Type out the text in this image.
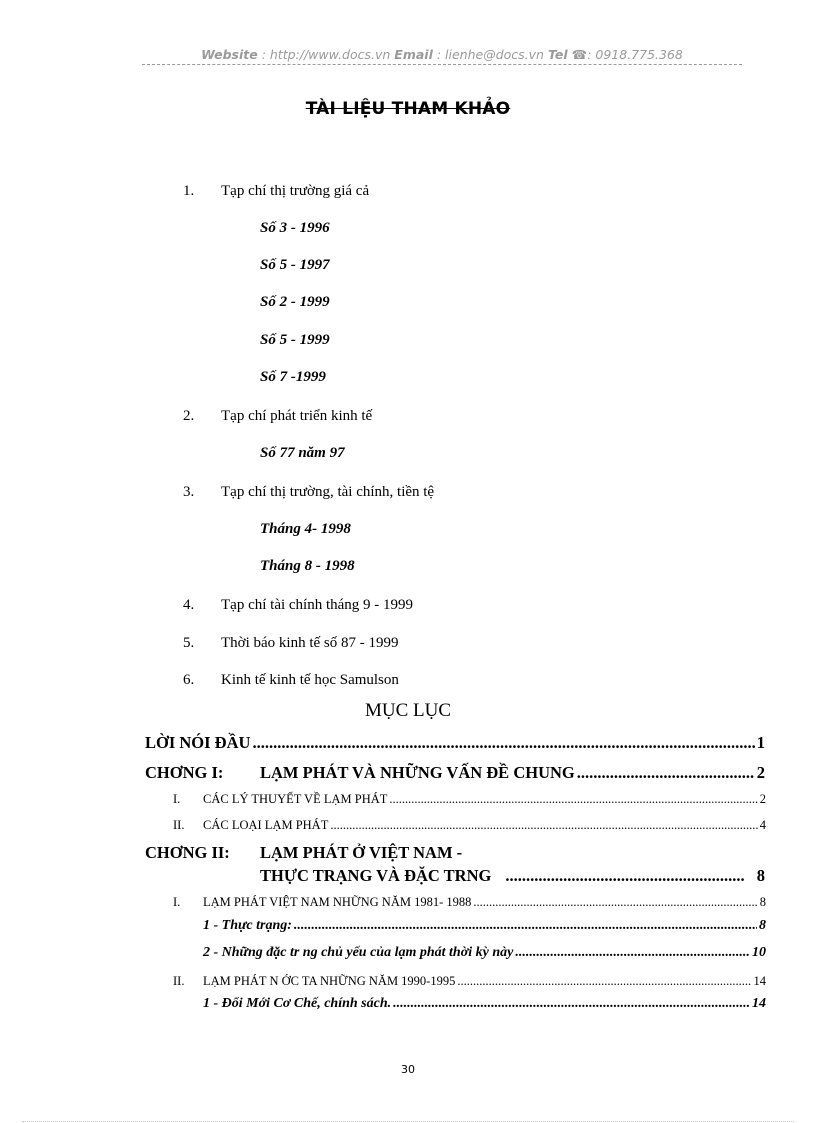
Website : http://www.docs.vn Email : lienhe@docs.vn Tel ☎: 0918.775.368
TÀI LIỆU THAM KHẢO
1. Tạp chí thị trường giá cả
Số 3 - 1996
Số 5 - 1997
Số 2 - 1999
Số 5 - 1999
Số 7 -1999
2. Tạp chí phát triển kinh tế
Số 77 năm 97
3. Tạp chí thị trường, tài chính, tiền tệ
Tháng 4- 1998
Tháng 8 - 1998
4. Tạp chí tài chính tháng 9 - 1999
5. Thời báo kinh tế số 87 - 1999
6. Kinh tế kinh tế học Samulson
MỤC LỤC
LỜI NÓI ĐẦU .....	1
CHƠNG I: LẠM PHÁT VÀ NHỮNG VẤN ĐỀ CHUNG .....	2
I. CÁC LÝ THUYẾT VỀ LẠM PHÁT .....	2
II. CÁC LOẠI LẠM PHÁT .....	4
CHƠNG II: LẠM PHÁT Ở VIỆT NAM -
THỰC TRẠNG VÀ ĐẶC TRNG .....	8
I. LẠM PHÁT VIỆT NAM NHỮNG NĂM 1981- 1988 .....	8
1 - Thực trạng: .....	8
2 - Những đặc tr ng chủ yếu của lạm phát thời kỳ này .....	10
II. LẠM PHÁT N ỚC TA NHỮNG NĂM 1990-1995 .....	14
1 - Đổi Mới Cơ Chế, chính sách. .....	14
30
